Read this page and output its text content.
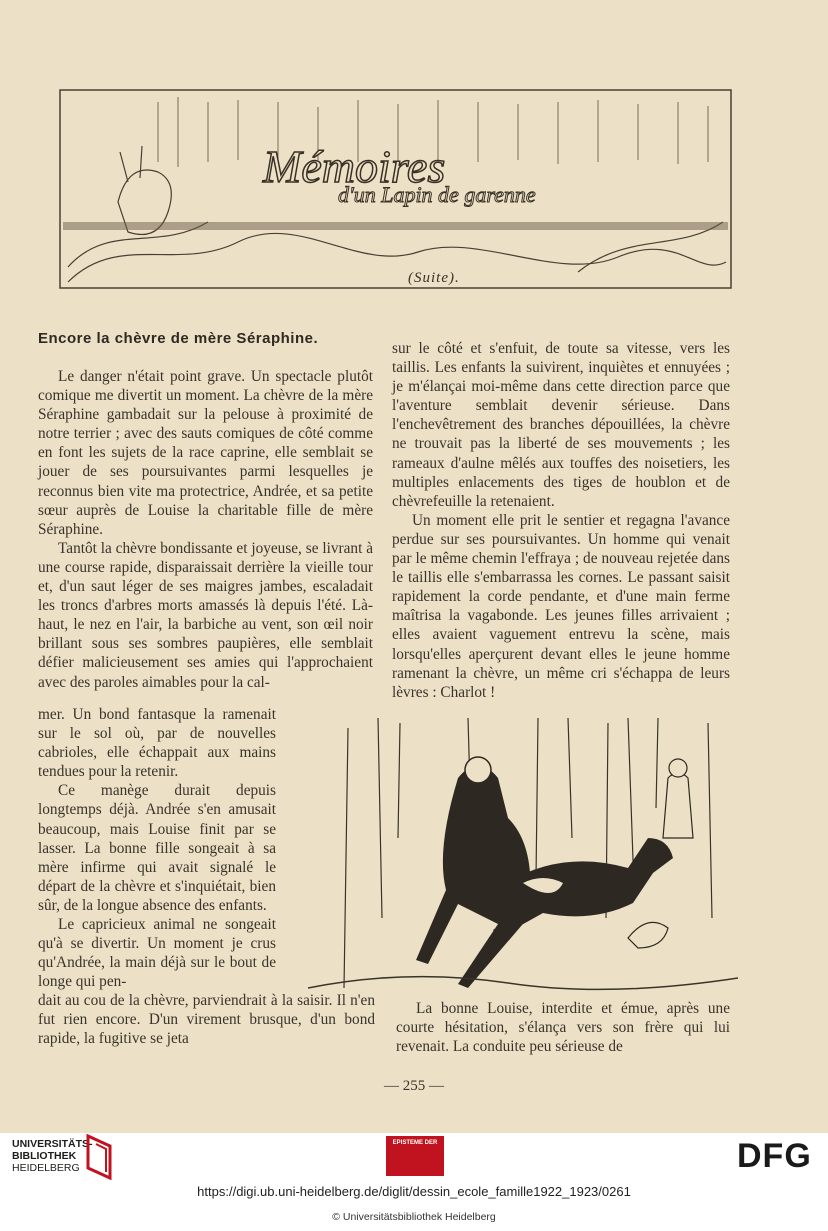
Mémoires
d'un Lapin de garenne
(Suite).
Encore la chèvre de mère Séraphine.

Le danger n'était point grave. Un spectacle plutôt comique me divertit un moment. La chèvre de la mère Séraphine gambadait sur la pelouse à proximité de notre terrier ; avec des sauts comiques de côté comme en font les sujets de la race caprine, elle semblait se jouer de ses poursuivantes parmi lesquelles je reconnus bien vite ma protectrice, Andrée, et sa petite sœur auprès de Louise la charitable fille de mère Séraphine.

Tantôt la chèvre bondissante et joyeuse, se livrant à une course rapide, disparaissait derrière la vieille tour et, d'un saut léger de ses maigres jambes, escaladait les troncs d'arbres morts amassés là depuis l'été. Là-haut, le nez en l'air, la barbiche au vent, son œil noir brillant sous ses sombres paupières, elle semblait défier malicieusement ses amies qui l'approchaient avec des paroles aimables pour la cal-

mer. Un bond fantasque la ramenait sur le sol où, par de nouvelles cabrioles, elle échappait aux mains tendues pour la retenir.

Ce manège durait depuis longtemps déjà. Andrée s'en amusait beaucoup, mais Louise finit par se lasser. La bonne fille songeait à sa mère infirme qui avait signalé le départ de la chèvre et s'inquiétait, bien sûr, de la longue absence des enfants.

Le capricieux animal ne songeait qu'à se divertir. Un moment je crus qu'Andrée, la main déjà sur le bout de longe qui pen-

dait au cou de la chèvre, parviendrait à la saisir. Il n'en fut rien encore. D'un virement brusque, d'un bond rapide, la fugitive se jeta

sur le côté et s'enfuit, de toute sa vitesse, vers les taillis. Les enfants la suivirent, inquiètes et ennuyées ; je m'élançai moi-même dans cette direction parce que l'aventure semblait devenir sérieuse. Dans l'enchevêtrement des branches dépouillées, la chèvre ne trouvait pas la liberté de ses mouvements ; les rameaux d'aulne mêlés aux touffes des noisetiers, les multiples enlacements des tiges de houblon et de chèvrefeuille la retenaient.

Un moment elle prit le sentier et regagna l'avance perdue sur ses poursuivantes. Un homme qui venait par le même chemin l'effraya ; de nouveau rejetée dans le taillis elle s'embarrassa les cornes. Le passant saisit rapidement la corde pendante, et d'une main ferme maîtrisa la vagabonde. Les jeunes filles arrivaient ; elles avaient vaguement entrevu la scène, mais lorsqu'elles aperçurent devant elles le jeune homme ramenant la chèvre, un même cri s'échappa de leurs lèvres : Charlot !

La bonne Louise, interdite et émue, après une courte hésitation, s'élança vers son frère qui lui revenait. La conduite peu sérieuse de

— 255 —
UNIVERSITÄTS-
BIBLIOTHEK
HEIDELBERG
EPISTEME DER	DFG
https://digi.ub.uni-heidelberg.de/diglit/dessin_ecole_famille1922_1923/0261
© Universitätsbibliothek Heidelberg
